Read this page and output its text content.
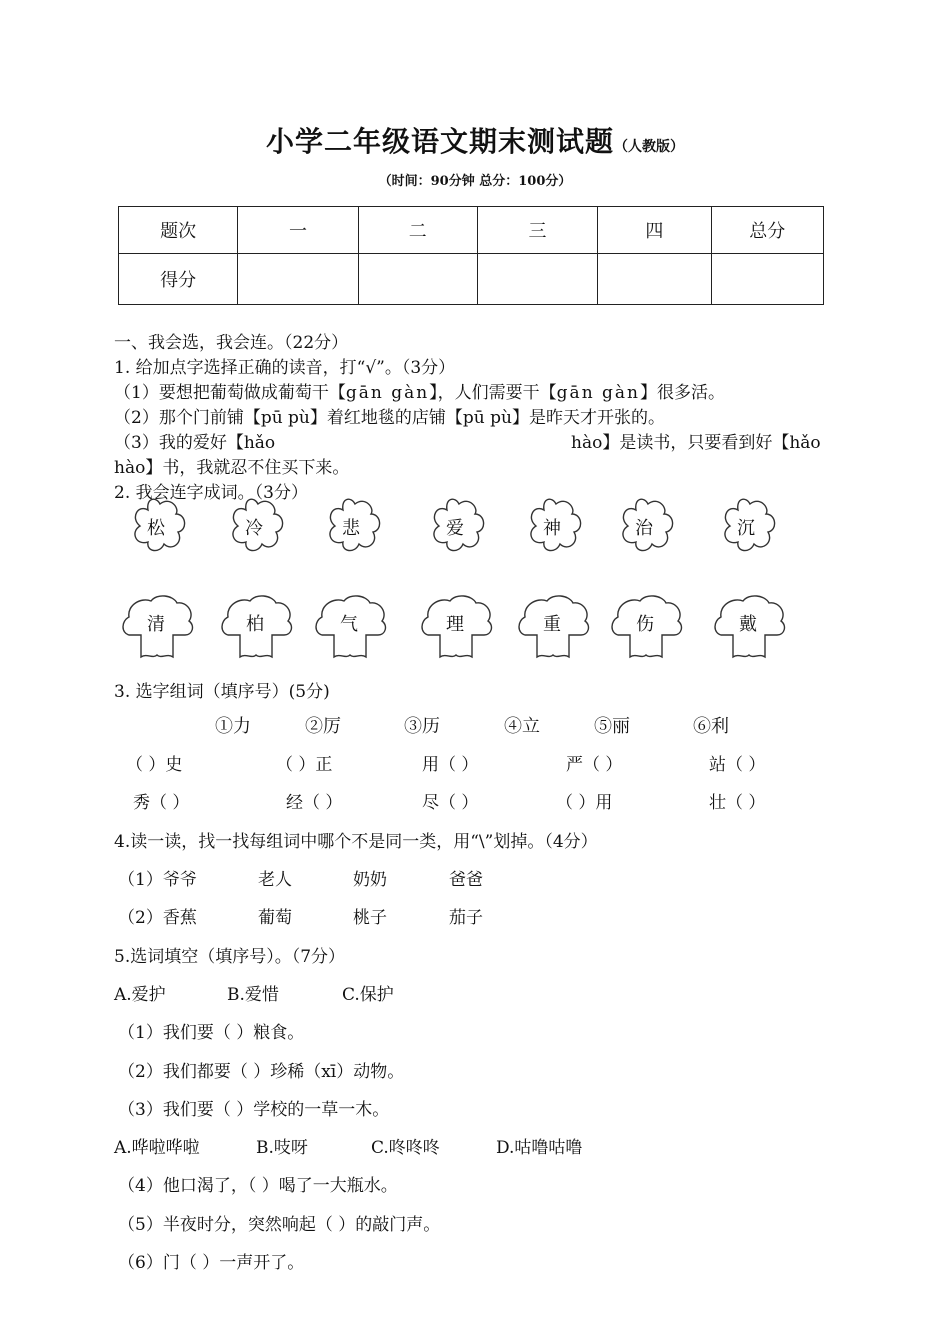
小学二年级语文期末测试题（人教版）
（时间：90分钟 总分：100分）
题次	一	二	三	四	总分
得分					
一、我会选，我会连。（22分）
1. 给加点字选择正确的读音，打“√”。（3分）
（1）要想把葡萄做成葡萄干【gān gàn】，人们需要干【gān gàn】很多活。
（2）那个门前铺【pū pù】着红地毯的店铺【pū pù】是昨天才开张的。
（3）我的爱好【hǎo	hào】是读书，只要看到好【hǎo
hào】书，我就忍不住买下来。
2. 我会连字成词。（3分）
松	冷	悲	爱	神	治	沉
清	柏	气	理	重	伤	戴
3. 选字组词（填序号）(5分)
①力	②厉	③历	④立	⑤丽	⑥利
（ ）史	（ ）正	用（ ）	严（ ）	站（ ）
秀（ ）	经（ ）	尽（ ）	（ ）用	壮（ ）
4.读一读，找一找每组词中哪个不是同一类，用“\”划掉。（4分）
（1）爷爷	老人	奶奶	爸爸
（2）香蕉	葡萄	桃子	茄子
5.选词填空（填序号）。（7分）
A.爱护	B.爱惜	C.保护
（1）我们要（ ）粮食。
（2）我们都要（ ）珍稀（xī）动物。
（3）我们要（ ）学校的一草一木。
A.哗啦哗啦	B.吱呀	C.咚咚咚	D.咕噜咕噜
（4）他口渴了，（ ）喝了一大瓶水。
（5）半夜时分，突然响起（ ）的敲门声。
（6）门（ ）一声开了。
